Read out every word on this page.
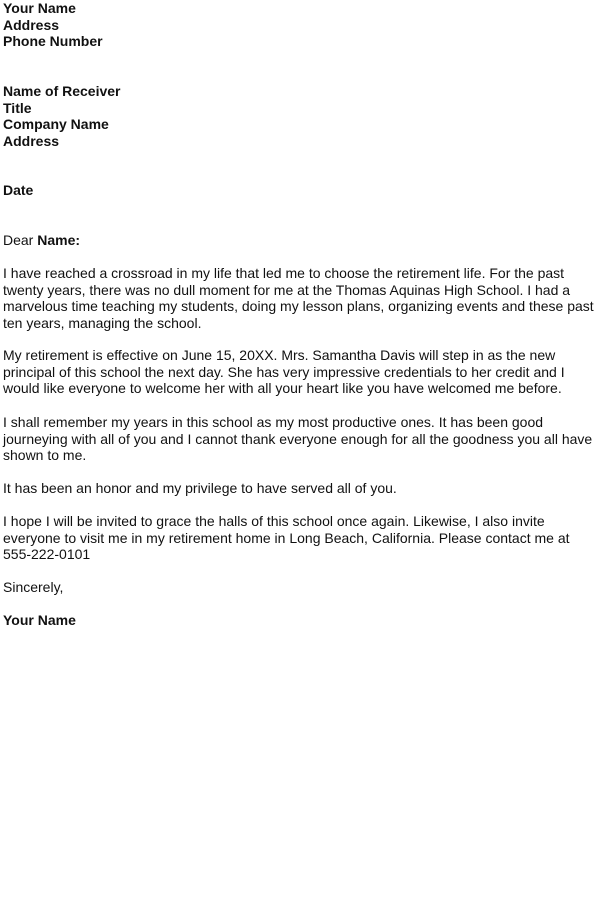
Your Name
Address
Phone Number
Name of Receiver
Title
Company Name
Address
Date
Dear Name:
I have reached a crossroad in my life that led me to choose the retirement life. For the past
twenty years, there was no dull moment for me at the Thomas Aquinas High School. I had a
marvelous time teaching my students, doing my lesson plans, organizing events and these past
ten years, managing the school.
My retirement is effective on June 15, 20XX. Mrs. Samantha Davis will step in as the new
principal of this school the next day. She has very impressive credentials to her credit and I
would like everyone to welcome her with all your heart like you have welcomed me before.
I shall remember my years in this school as my most productive ones. It has been good
journeying with all of you and I cannot thank everyone enough for all the goodness you all have
shown to me.
It has been an honor and my privilege to have served all of you.
I hope I will be invited to grace the halls of this school once again. Likewise, I also invite
everyone to visit me in my retirement home in Long Beach, California. Please contact me at
555-222-0101
Sincerely,
Your Name
